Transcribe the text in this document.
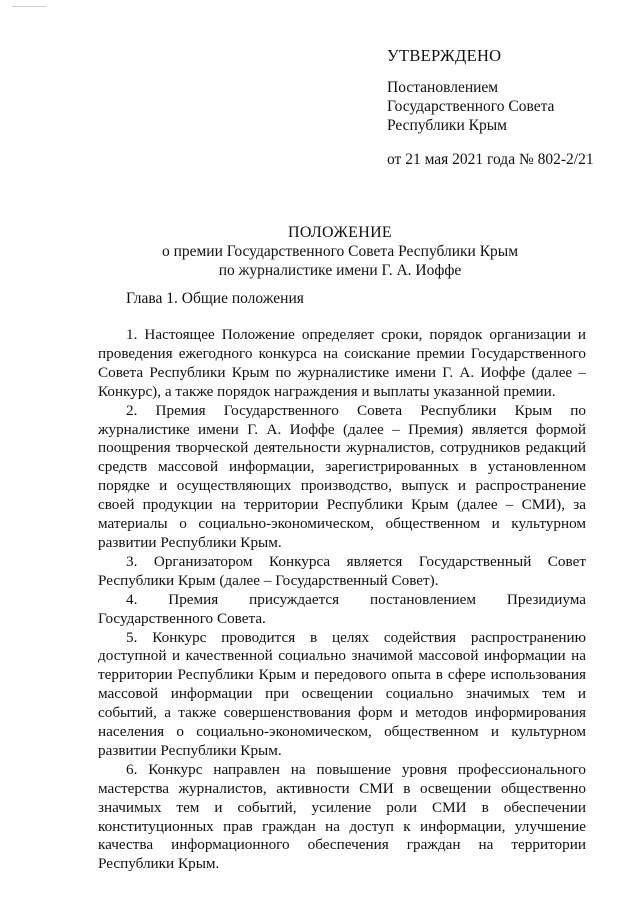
УТВЕРЖДЕНО
Постановлением
Государственного Совета
Республики Крым
от 21 мая 2021 года № 802-2/21
ПОЛОЖЕНИЕ
о премии Государственного Совета Республики Крым
по журналистике имени Г. А. Иоффе
Глава 1. Общие положения

1. Настоящее Положение определяет сроки, порядок организации и проведения ежегодного конкурса на соискание премии Государственного Совета Республики Крым по журналистике имени Г. А. Иоффе (далее – Конкурс), а также порядок награждения и выплаты указанной премии.

2. Премия Государственного Совета Республики Крым по журналистике имени Г. А. Иоффе (далее – Премия) является формой поощрения творческой деятельности журналистов, сотрудников редакций средств массовой информации, зарегистрированных в установленном порядке и осуществляющих производство, выпуск и распространение своей продукции на территории Республики Крым (далее – СМИ), за материалы о социально-экономическом, общественном и культурном развитии Республики Крым.

3. Организатором Конкурса является Государственный Совет Республики Крым (далее – Государственный Совет).

4. Премия присуждается постановлением Президиума Государственного Совета.

5. Конкурс проводится в целях содействия распространению доступной и качественной социально значимой массовой информации на территории Республики Крым и передового опыта в сфере использования массовой информации при освещении социально значимых тем и событий, а также совершенствования форм и методов информирования населения о социально-экономическом, общественном и культурном развитии Республики Крым.

6. Конкурс направлен на повышение уровня профессионального мастерства журналистов, активности СМИ в освещении общественно значимых тем и событий, усиление роли СМИ в обеспечении конституционных прав граждан на доступ к информации, улучшение качества информационного обеспечения граждан на территории Республики Крым.
